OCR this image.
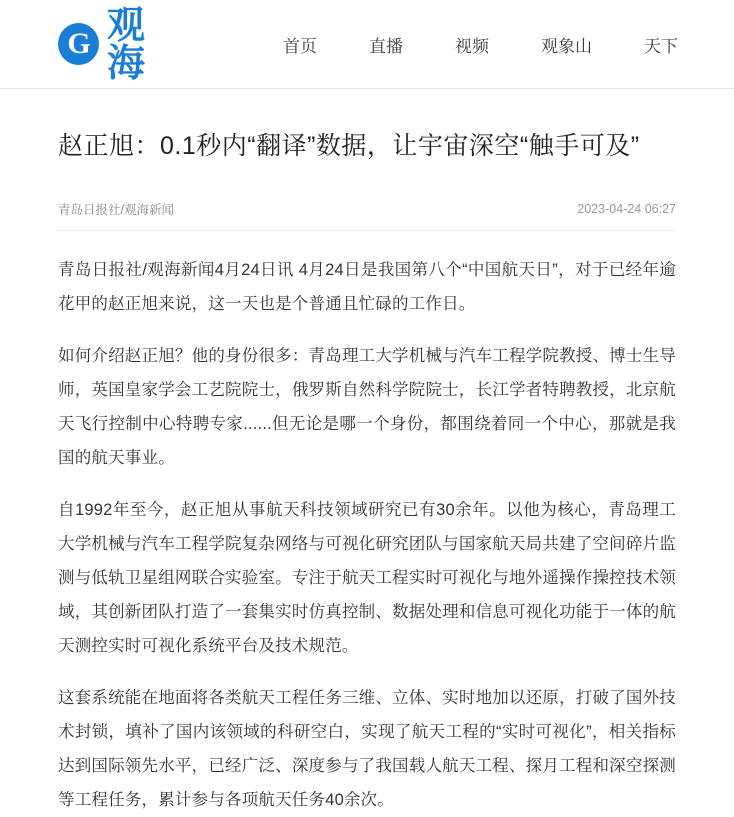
G 观海	首页	直播	视频	观象山	天下
赵正旭：0.1秒内“翻译”数据，让宇宙深空“触手可及”
青岛日报社/观海新闻	2023-04-24 06:27

青岛日报社/观海新闻4月24日讯 4月24日是我国第八个“中国航天日”，对于已经年逾花甲的赵正旭来说，这一天也是个普通且忙碌的工作日。

如何介绍赵正旭？他的身份很多：青岛理工大学机械与汽车工程学院教授、博士生导师，英国皇家学会工艺院院士，俄罗斯自然科学院院士，长江学者特聘教授，北京航天飞行控制中心特聘专家......但无论是哪一个身份，都围绕着同一个中心，那就是我国的航天事业。

自1992年至今，赵正旭从事航天科技领域研究已有30余年。以他为核心，青岛理工大学机械与汽车工程学院复杂网络与可视化研究团队与国家航天局共建了空间碎片监测与低轨卫星组网联合实验室。专注于航天工程实时可视化与地外遥操作操控技术领域，其创新团队打造了一套集实时仿真控制、数据处理和信息可视化功能于一体的航天测控实时可视化系统平台及技术规范。

这套系统能在地面将各类航天工程任务三维、立体、实时地加以还原，打破了国外技术封锁，填补了国内该领域的科研空白，实现了航天工程的“实时可视化”，相关指标达到国际领先水平，已经广泛、深度参与了我国载人航天工程、探月工程和深空探测等工程任务，累计参与各项航天任务40余次。
